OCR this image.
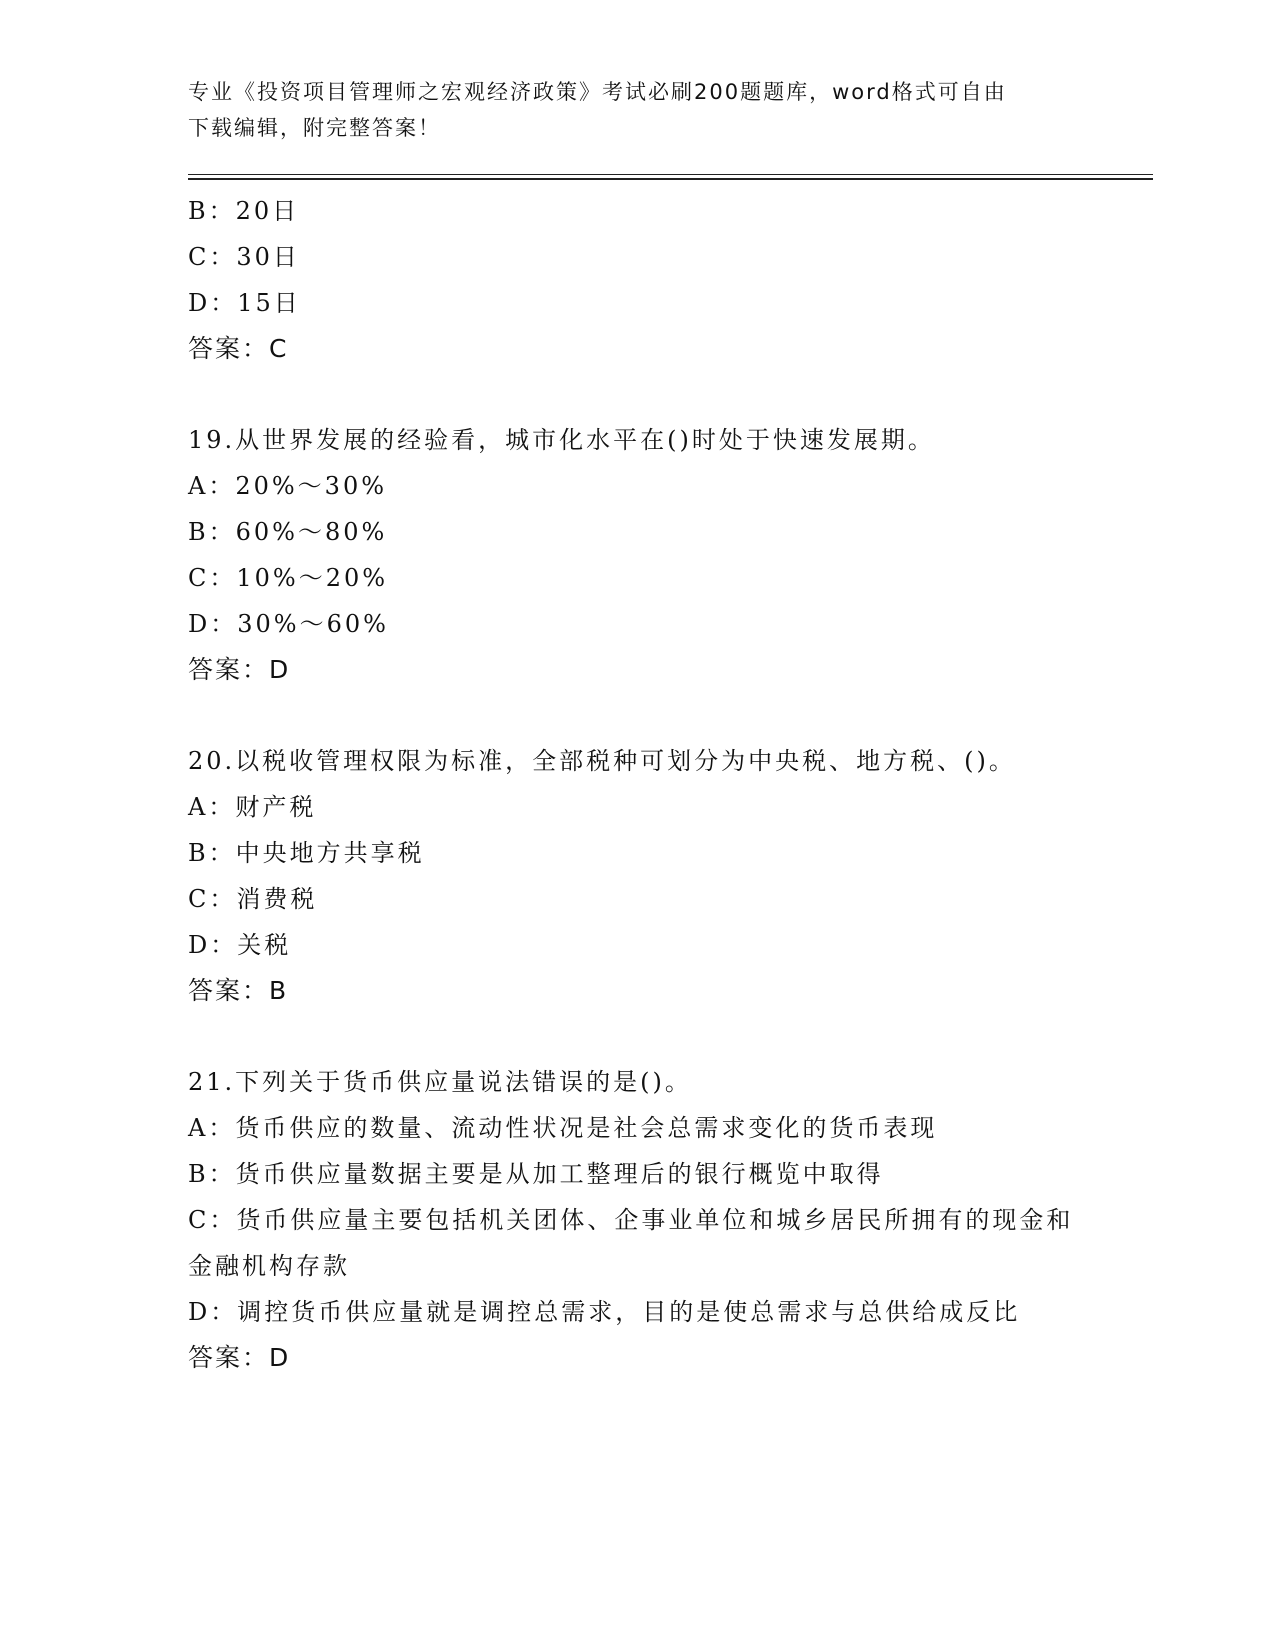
专业《投资项目管理师之宏观经济政策》考试必刷200题题库，word格式可自由
下载编辑，附完整答案！
B：20日
C：30日
D：15日
答案：C
19.从世界发展的经验看，城市化水平在()时处于快速发展期。
A：20%～30%
B：60%～80%
C：10%～20%
D：30%～60%
答案：D
20.以税收管理权限为标准，全部税种可划分为中央税、地方税、()。
A：财产税
B：中央地方共享税
C：消费税
D：关税
答案：B
21.下列关于货币供应量说法错误的是()。
A：货币供应的数量、流动性状况是社会总需求变化的货币表现
B：货币供应量数据主要是从加工整理后的银行概览中取得
C：货币供应量主要包括机关团体、企事业单位和城乡居民所拥有的现金和金融机构存款
D：调控货币供应量就是调控总需求，目的是使总需求与总供给成反比
答案：D
